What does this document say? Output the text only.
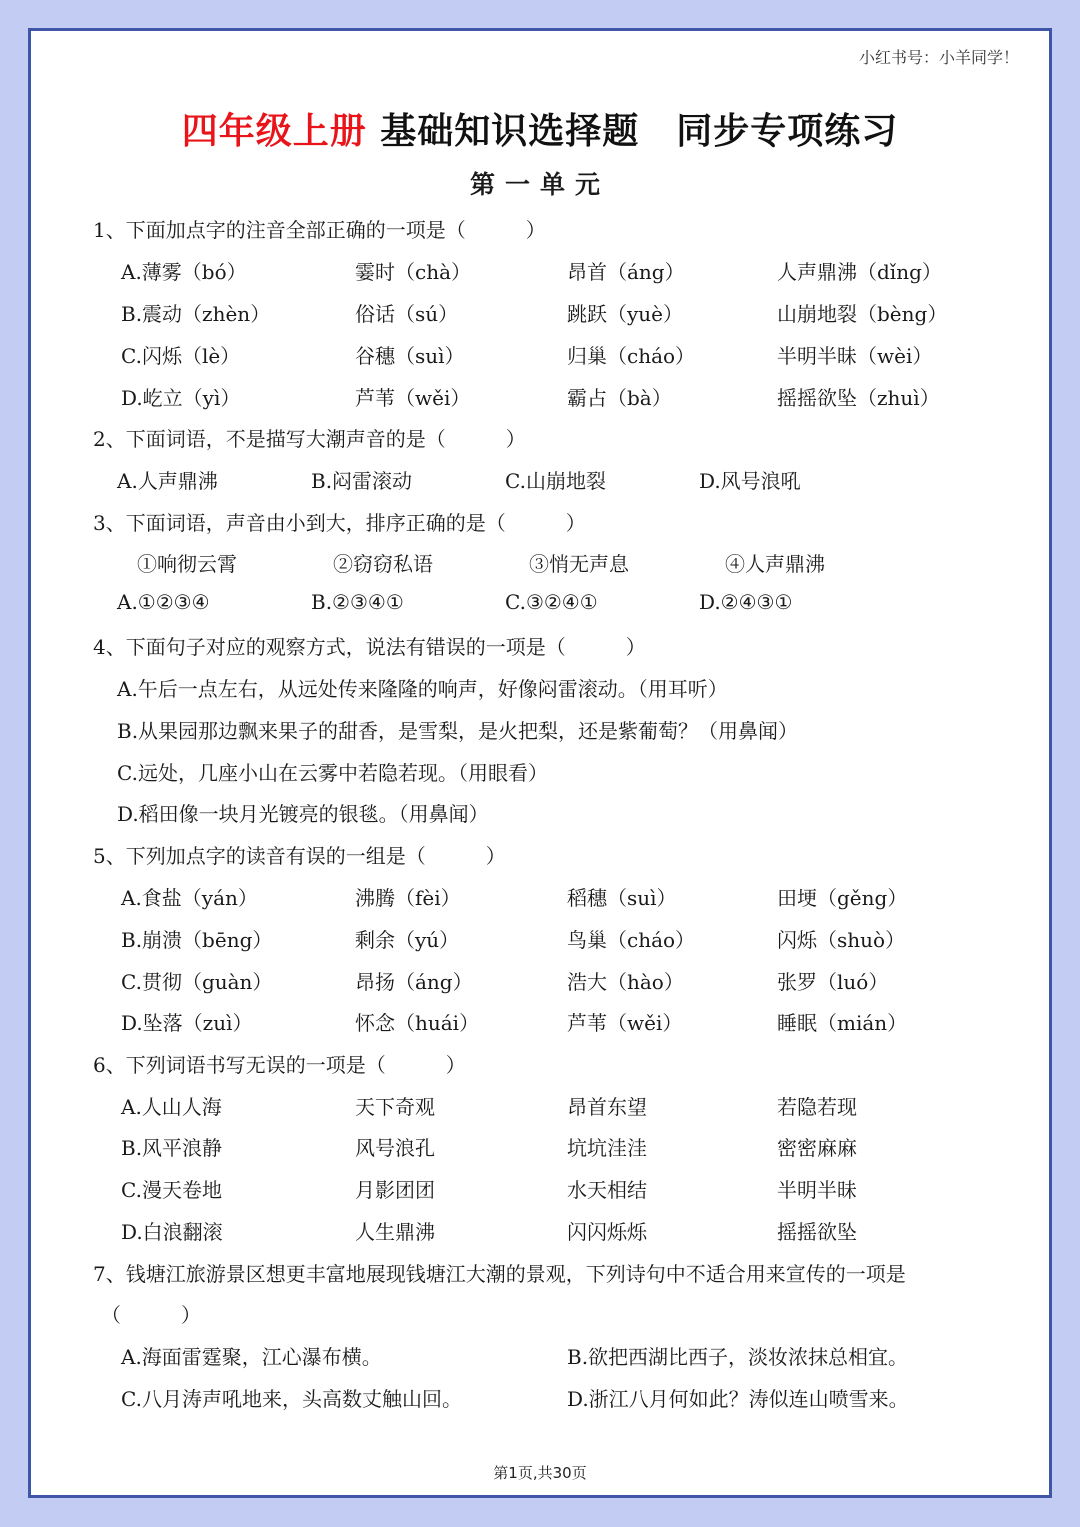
小红书号：小羊同学！
四年级上册 基础知识选择题　同步专项练习
第一单元
1、下面加点字的注音全部正确的一项是（　　　）
A.薄雾（bó）	霎时（chà）	昂首（áng）	人声鼎沸（dǐng）
B.震动（zhèn）	俗话（sú）	跳跃（yuè）	山崩地裂（bèng）
C.闪烁（lè）	谷穗（suì）	归巢（cháo）	半明半昧（wèi）
D.屹立（yì）	芦苇（wěi）	霸占（bà）	摇摇欲坠（zhuì）
2、下面词语，不是描写大潮声音的是（　　　）
A.人声鼎沸	B.闷雷滚动	C.山崩地裂	D.风号浪吼
3、下面词语，声音由小到大，排序正确的是（　　　）
①响彻云霄	②窃窃私语	③悄无声息	④人声鼎沸
A.①②③④	B.②③④①	C.③②④①	D.②④③①
4、下面句子对应的观察方式，说法有错误的一项是（　　　）
A.午后一点左右，从远处传来隆隆的响声，好像闷雷滚动。（用耳听）
B.从果园那边飘来果子的甜香，是雪梨，是火把梨，还是紫葡萄？（用鼻闻）
C.远处，几座小山在云雾中若隐若现。（用眼看）
D.稻田像一块月光镀亮的银毯。（用鼻闻）
5、下列加点字的读音有误的一组是（　　　）
A.食盐（yán）	沸腾（fèi）	稻穗（suì）	田埂（gěng）
B.崩溃（bēng）	剩余（yú）	鸟巢（cháo）	闪烁（shuò）
C.贯彻（guàn）	昂扬（áng）	浩大（hào）	张罗（luó）
D.坠落（zuì）	怀念（huái）	芦苇（wěi）	睡眠（mián）
6、下列词语书写无误的一项是（　　　）
A.人山人海	天下奇观	昂首东望	若隐若现
B.风平浪静	风号浪孔	坑坑洼洼	密密麻麻
C.漫天卷地	月影团团	水天相结	半明半昧
D.白浪翻滚	人生鼎沸	闪闪烁烁	摇摇欲坠
7、钱塘江旅游景区想更丰富地展现钱塘江大潮的景观，下列诗句中不适合用来宣传的一项是
（　　　）
A.海面雷霆聚，江心瀑布横。	B.欲把西湖比西子，淡妆浓抹总相宜。
C.八月涛声吼地来，头高数丈触山回。	D.浙江八月何如此？涛似连山喷雪来。
第1页,共30页
